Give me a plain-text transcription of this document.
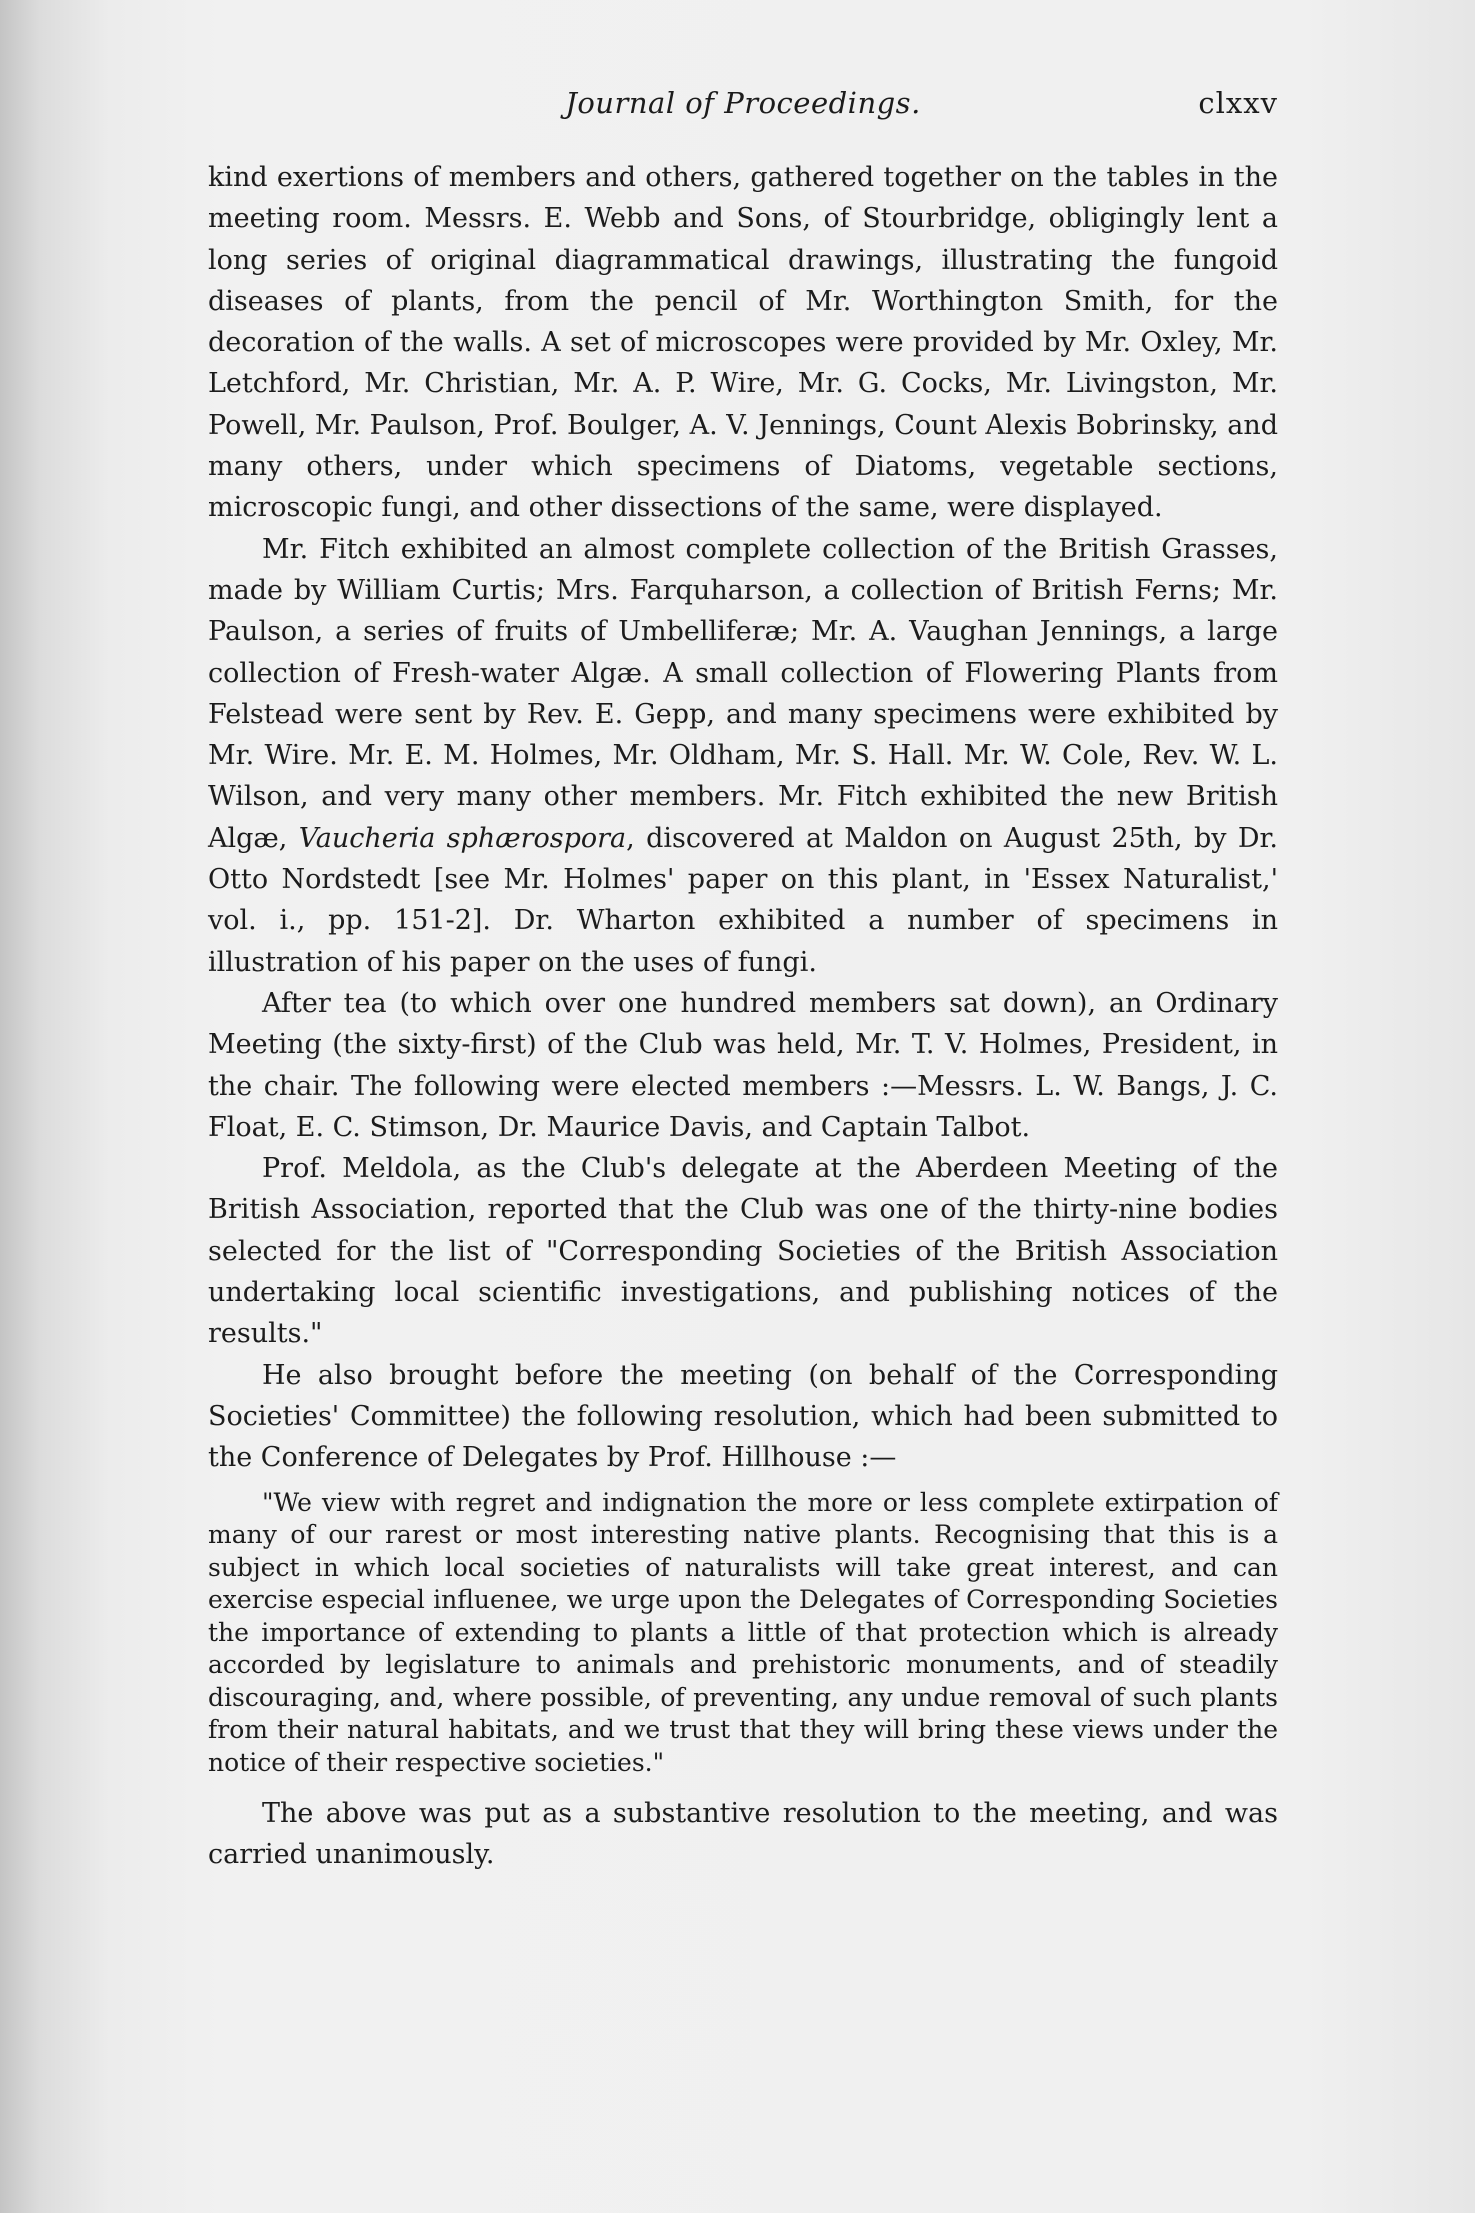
Journal of Proceedings.	clxxv

kind exertions of members and others, gathered together on the tables in the meeting room. Messrs. E. Webb and Sons, of Stourbridge, obligingly lent a long series of original diagrammatical drawings, illustrating the fungoid diseases of plants, from the pencil of Mr. Worthington Smith, for the decoration of the walls. A set of microscopes were provided by Mr. Oxley, Mr. Letchford, Mr. Christian, Mr. A. P. Wire, Mr. G. Cocks, Mr. Livingston, Mr. Powell, Mr. Paulson, Prof. Boulger, A. V. Jennings, Count Alexis Bobrinsky, and many others, under which specimens of Diatoms, vegetable sections, microscopic fungi, and other dissections of the same, were displayed.

Mr. Fitch exhibited an almost complete collection of the British Grasses, made by William Curtis; Mrs. Farquharson, a collection of British Ferns; Mr. Paulson, a series of fruits of Umbelliferæ; Mr. A. Vaughan Jennings, a large collection of Fresh-water Algæ. A small collection of Flowering Plants from Felstead were sent by Rev. E. Gepp, and many specimens were exhibited by Mr. Wire. Mr. E. M. Holmes, Mr. Oldham, Mr. S. Hall. Mr. W. Cole, Rev. W. L. Wilson, and very many other members. Mr. Fitch exhibited the new British Algæ, Vaucheria sphærospora, discovered at Maldon on August 25th, by Dr. Otto Nordstedt [see Mr. Holmes' paper on this plant, in 'Essex Naturalist,' vol. i., pp. 151-2]. Dr. Wharton exhibited a number of specimens in illustration of his paper on the uses of fungi.

After tea (to which over one hundred members sat down), an Ordinary Meeting (the sixty-first) of the Club was held, Mr. T. V. Holmes, President, in the chair. The following were elected members :—Messrs. L. W. Bangs, J. C. Float, E. C. Stimson, Dr. Maurice Davis, and Captain Talbot.

Prof. Meldola, as the Club's delegate at the Aberdeen Meeting of the British Association, reported that the Club was one of the thirty-nine bodies selected for the list of "Corresponding Societies of the British Association undertaking local scientific investigations, and publishing notices of the results."

He also brought before the meeting (on behalf of the Corresponding Societies' Committee) the following resolution, which had been submitted to the Conference of Delegates by Prof. Hillhouse :—

"We view with regret and indignation the more or less complete extirpation of many of our rarest or most interesting native plants. Recognising that this is a subject in which local societies of naturalists will take great interest, and can exercise especial influenee, we urge upon the Delegates of Corresponding Societies the importance of extending to plants a little of that protection which is already accorded by legislature to animals and prehistoric monuments, and of steadily discouraging, and, where possible, of preventing, any undue removal of such plants from their natural habitats, and we trust that they will bring these views under the notice of their respective societies."

The above was put as a substantive resolution to the meeting, and was carried unanimously.
